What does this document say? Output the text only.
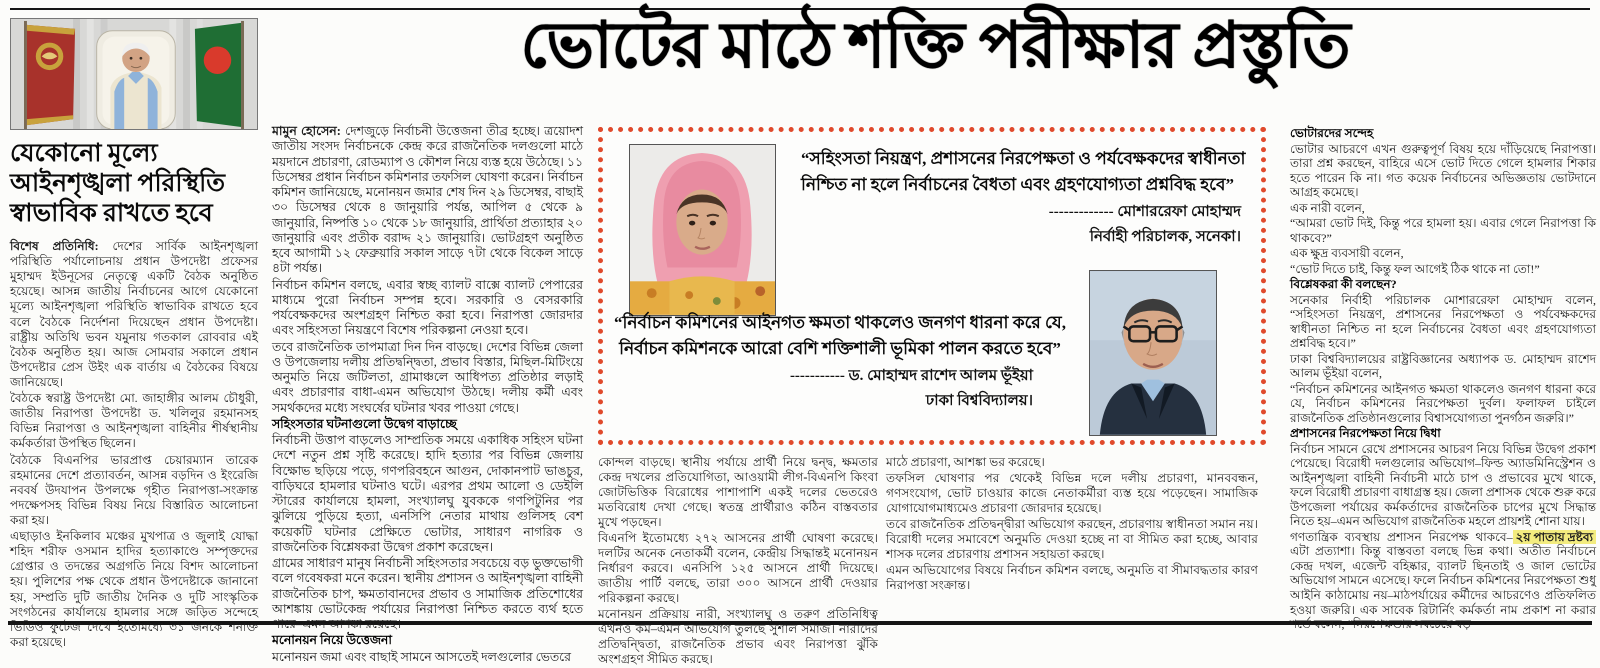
যেকোনো মূল্যে আইনশৃঙ্খলা পরিস্থিতি স্বাভাবিক রাখতে হবে

বিশেষ প্রতিনিধি: দেশের সার্বিক আইনশৃঙ্খলা পরিস্থিতি পর্যালোচনায় প্রধান উপদেষ্টা প্রফেসর মুহাম্মদ ইউনূসের নেতৃত্বে একটি বৈঠক অনুষ্ঠিত হয়েছে। আসন্ন জাতীয় নির্বাচনের আগে যেকোনো মূল্যে আইনশৃঙ্খলা পরিস্থিতি স্বাভাবিক রাখতে হবে বলে বৈঠকে নির্দেশনা দিয়েছেন প্রধান উপদেষ্টা। রাষ্ট্রীয় অতিথি ভবন যমুনায় গতকাল রোববার এই বৈঠক অনুষ্ঠিত হয়। আজ সোমবার সকালে প্রধান উপদেষ্টার প্রেস উইং এক বার্তায় এ বৈঠকের বিষয়ে জানিয়েছে।

বৈঠকে স্বরাষ্ট্র উপদেষ্টা মো. জাহাঙ্গীর আলম চৌধুরী, জাতীয় নিরাপত্তা উপদেষ্টা ড. খলিলুর রহমানসহ বিভিন্ন নিরাপত্তা ও আইনশৃঙ্খলা বাহিনীর শীর্ষস্থানীয় কর্মকর্তারা উপস্থিত ছিলেন।

বৈঠকে বিএনপির ভারপ্রাপ্ত চেয়ারম্যান তারেক রহমানের দেশে প্রত্যাবর্তন, আসন্ন বড়দিন ও ইংরেজি নববর্ষ উদযাপন উপলক্ষে গৃহীত নিরাপত্তা-সংক্রান্ত পদক্ষেপসহ বিভিন্ন বিষয় নিয়ে বিস্তারিত আলোচনা করা হয়।

এছাড়াও ইনকিলাব মঞ্চের মুখপাত্র ও জুলাই যোদ্ধা শহিদ শরীফ ওসমান হাদির হত্যাকাণ্ডে সম্পৃক্তদের গ্রেপ্তার ও তদন্তের অগ্রগতি নিয়ে বিশদ আলোচনা হয়। পুলিশের পক্ষ থেকে প্রধান উপদেষ্টাকে জানানো হয়, সম্প্রতি দুটি জাতীয় দৈনিক ও দুটি সাংস্কৃতিক সংগঠনের কার্যালয়ে হামলার সঙ্গে জড়িত সন্দেহে ভিডিও ফুটেজ দেখে ইতোমধ্যে ৩১ জনকে শনাক্ত করা হয়েছে।

ভোটের মাঠে শক্তি পরীক্ষার প্রস্তুতি

মামুন হোসেন: দেশজুড়ে নির্বাচনী উত্তেজনা তীব্র হচ্ছে। ত্রয়োদশ জাতীয় সংসদ নির্বাচনকে কেন্দ্র করে রাজনৈতিক দলগুলো মাঠে ময়দানে প্রচারণা, রোডম্যাপ ও কৌশল নিয়ে ব্যস্ত হয়ে উঠেছে। ১১ ডিসেম্বর প্রধান নির্বাচন কমিশনার তফসিল ঘোষণা করেন। নির্বাচন কমিশন জানিয়েছে, মনোনয়ন জমার শেষ দিন ২৯ ডিসেম্বর, বাছাই ৩০ ডিসেম্বর থেকে ৪ জানুয়ারি পর্যন্ত, আপিল ৫ থেকে ৯ জানুয়ারি, নিষ্পত্তি ১০ থেকে ১৮ জানুয়ারি, প্রার্থিতা প্রত্যাহার ২০ জানুয়ারি এবং প্রতীক বরাদ্দ ২১ জানুয়ারি। ভোটগ্রহণ অনুষ্ঠিত হবে আগামী ১২ ফেব্রুয়ারি সকাল সাড়ে ৭টা থেকে বিকেল সাড়ে ৪টা পর্যন্ত।

নির্বাচন কমিশন বলছে, এবার স্বচ্ছ ব্যালট বাক্সে ব্যালট পেপারের মাধ্যমে পুরো নির্বাচন সম্পন্ন হবে। সরকারি ও বেসরকারি পর্যবেক্ষকদের অংশগ্রহণ নিশ্চিত করা হবে। নিরাপত্তা জোরদার এবং সহিংসতা নিয়ন্ত্রণে বিশেষ পরিকল্পনা নেওয়া হবে।

তবে রাজনৈতিক তাপমাত্রা দিন দিন বাড়ছে। দেশের বিভিন্ন জেলা ও উপজেলায় দলীয় প্রতিদ্বন্দ্বিতা, প্রভাব বিস্তার, মিছিল-মিটিংয়ে অনুমতি নিয়ে জটিলতা, গ্রামাঞ্চলে আধিপত্য প্রতিষ্ঠার লড়াই এবং প্রচারণার বাধা-এমন অভিযোগ উঠছে। দলীয় কর্মী এবং সমর্থকদের মধ্যে সংঘর্ষের ঘটনার খবর পাওয়া গেছে।

সহিংসতার ঘটনাগুলো উদ্বেগ বাড়াচ্ছে

নির্বাচনী উত্তাপ বাড়লেও সাম্প্রতিক সময়ে একাধিক সহিংস ঘটনা দেশে নতুন প্রশ্ন সৃষ্টি করেছে। হাদি হত্যার পর বিভিন্ন জেলায় বিক্ষোভ ছড়িয়ে পড়ে, গণপরিবহনে আগুন, দোকানপাট ভাঙচুর, বাড়িঘরে হামলার ঘটনাও ঘটে। এরপর প্রথম আলো ও ডেইলি স্টারের কার্যালয়ে হামলা, সংখ্যালঘু যুবককে গণপিটুনির পর ঝুলিয়ে পুড়িয়ে হত্যা, এনসিপি নেতার মাথায় গুলিসহ বেশ কয়েকটি ঘটনার প্রেক্ষিতে ভোটার, সাধারণ নাগরিক ও রাজনৈতিক বিশ্লেষকরা উদ্বেগ প্রকাশ করেছেন।

গ্রামের সাধারণ মানুষ নির্বাচনী সহিংসতার সবচেয়ে বড় ভুক্তভোগী বলে গবেষকরা মনে করেন। স্থানীয় প্রশাসন ও আইনশৃঙ্খলা বাহিনী রাজনৈতিক চাপ, ক্ষমতাবানদের প্রভাব ও সামাজিক প্রতিশোধের আশঙ্কায় ভোটকেন্দ্র পর্যায়ের নিরাপত্তা নিশ্চিত করতে ব্যর্থ হতে পারে–এমন আশঙ্কা রয়েছে।

মনোনয়ন নিয়ে উত্তেজনা

মনোনয়ন জমা এবং বাছাই সামনে আসতেই দলগুলোর ভেতরে

“সহিংসতা নিয়ন্ত্রণ, প্রশাসনের নিরপেক্ষতা ও পর্যবেক্ষকদের স্বাধীনতা নিশ্চিত না হলে নির্বাচনের বৈধতা এবং গ্রহণযোগ্যতা প্রশ্নবিদ্ধ হবে”
------------- মোশাররেফা মোহাম্মদ
নির্বাহী পরিচালক, সনেকা।
“নির্বাচন কমিশনের আইনগত ক্ষমতা থাকলেও জনগণ ধারনা করে যে, নির্বাচন কমিশনকে আরো বেশি শক্তিশালী ভূমিকা পালন করতে হবে”
----------- ড. মোহাম্মদ রাশেদ আলম ভূঁইয়া
ঢাকা বিশ্ববিদ্যালয়।

কোন্দল বাড়ছে। স্থানীয় পর্যায়ে প্রার্থী নিয়ে দ্বন্দ্ব, ক্ষমতার কেন্দ্র দখলের প্রতিযোগিতা, আওয়ামী লীগ-বিএনপি কিংবা জোটভিত্তিক বিরোধের পাশাপাশি একই দলের ভেতরেও মতবিরোধ দেখা গেছে। স্বতন্ত্র প্রার্থীরাও কঠিন বাস্তবতার মুখে পড়ছেন।

বিএনপি ইতোমধ্যে ২৭২ আসনের প্রার্থী ঘোষণা করেছে। দলটির অনেক নেতাকর্মী বলেন, কেন্দ্রীয় সিদ্ধান্তই মনোনয়ন নির্ধারণ করবে। এনসিপি ১২৫ আসনে প্রার্থী দিয়েছে। জাতীয় পার্টি বলছে, তারা ৩০০ আসনে প্রার্থী দেওয়ার পরিকল্পনা করছে।

মনোনয়ন প্রক্রিয়ায় নারী, সংখ্যালঘু ও তরুণ প্রতিনিধিত্ব এখনও কম–এমন অভিযোগ তুলছে সুশীল সমাজ। নারীদের প্রতিদ্বন্দ্বিতা, রাজনৈতিক প্রভাব এবং নিরাপত্তা ঝুঁকি অংশগ্রহণ সীমিত করছে।

মাঠে প্রচারণা, আশঙ্কা ভর করেছে।

তফসিল ঘোষণার পর থেকেই বিভিন্ন দলে দলীয় প্রচারণা, মানববন্ধন, গণসংযোগ, ভোট চাওয়ার কাজে নেতাকর্মীরা ব্যস্ত হয়ে পড়েছেন। সামাজিক যোগাযোগমাধ্যমেও প্রচারণা জোরদার হয়েছে।

তবে রাজনৈতিক প্রতিদ্বন্দ্বীরা অভিযোগ করছেন, প্রচারণায় স্বাধীনতা সমান নয়। বিরোধী দলের সমাবেশে অনুমতি দেওয়া হচ্ছে না বা সীমিত করা হচ্ছে, আবার শাসক দলের প্রচারণায় প্রশাসন সহায়তা করছে।

এমন অভিযোগের বিষয়ে নির্বাচন কমিশন বলছে, অনুমতি বা সীমাবদ্ধতার কারণ নিরাপত্তা সংক্রান্ত।

ভোটারদের সন্দেহ

ভোটার আচরণে এখন গুরুত্বপূর্ণ বিষয় হয়ে দাঁড়িয়েছে নিরাপত্তা। তারা প্রশ্ন করছেন, বাহিরে এসে ভোট দিতে গেলে হামলার শিকার হতে পারেন কি না। গত কয়েক নির্বাচনের অভিজ্ঞতায় ভোটদানে আগ্রহ কমেছে।

এক নারী বলেন,

“আমরা ভোট দিই, কিন্তু পরে হামলা হয়। এবার গেলে নিরাপত্তা কি থাকবে?”

এক ক্ষুদ্র ব্যবসায়ী বলেন,

“ভোট দিতে চাই, কিন্তু ফল আগেই ঠিক থাকে না তো!”

বিশ্লেষকরা কী বলছেন?

সনেকার নির্বাহী পরিচালক মোশাররেফা মোহাম্মদ বলেন, “সহিংসতা নিয়ন্ত্রণ, প্রশাসনের নিরপেক্ষতা ও পর্যবেক্ষকদের স্বাধীনতা নিশ্চিত না হলে নির্বাচনের বৈধতা এবং গ্রহণযোগ্যতা প্রশ্নবিদ্ধ হবে।”

ঢাকা বিশ্ববিদ্যালয়ের রাষ্ট্রবিজ্ঞানের অধ্যাপক ড. মোহাম্মদ রাশেদ আলম ভূঁইয়া বলেন,

“নির্বাচন কমিশনের আইনগত ক্ষমতা থাকলেও জনগণ ধারনা করে যে, নির্বাচন কমিশনের নিরপেক্ষতা দুর্বল। ফলাফল চাইলে রাজনৈতিক প্রতিষ্ঠানগুলোর বিশ্বাসযোগ্যতা পুনর্গঠন জরুরি।”

প্রশাসনের নিরপেক্ষতা নিয়ে দ্বিধা

নির্বাচন সামনে রেখে প্রশাসনের আচরণ নিয়ে বিভিন্ন উদ্বেগ প্রকাশ পেয়েছে। বিরোধী দলগুলোর অভিযোগ–ফিল্ড অ্যাডমিনিস্ট্রেশন ও আইনশৃঙ্খলা বাহিনী নির্বাচনী মাঠে চাপ ও প্রভাবের মুখে থাকে, ফলে বিরোধী প্রচারণা বাধাগ্রস্ত হয়। জেলা প্রশাসক থেকে শুরু করে উপজেলা পর্যায়ের কর্মকর্তাদের রাজনৈতিক চাপের মুখে সিদ্ধান্ত নিতে হয়–এমন অভিযোগ রাজনৈতিক মহলে প্রায়শই শোনা যায়।

২য় পাতায় দ্রষ্টব্য
গণতান্ত্রিক ব্যবস্থায় প্রশাসন নিরপেক্ষ থাকবে–এটা প্রত্যাশা। কিন্তু বাস্তবতা বলছে ভিন্ন কথা। অতীত নির্বাচনে কেন্দ্র দখল, এজেন্ট বহিষ্কার, ব্যালট ছিনতাই ও জাল ভোটের অভিযোগ সামনে এসেছে। ফলে নির্বাচন কমিশনের নিরপেক্ষতা শুধু আইনি কাঠামোয় নয়–মাঠপর্যায়ের কর্মীদের আচরণেও প্রতিফলিত হওয়া জরুরি। এক সাবেক রিটার্নিং কর্মকর্তা নাম প্রকাশ না করার শর্তে বলেন, “নিরপেক্ষতার সবচেয়ে বড়
